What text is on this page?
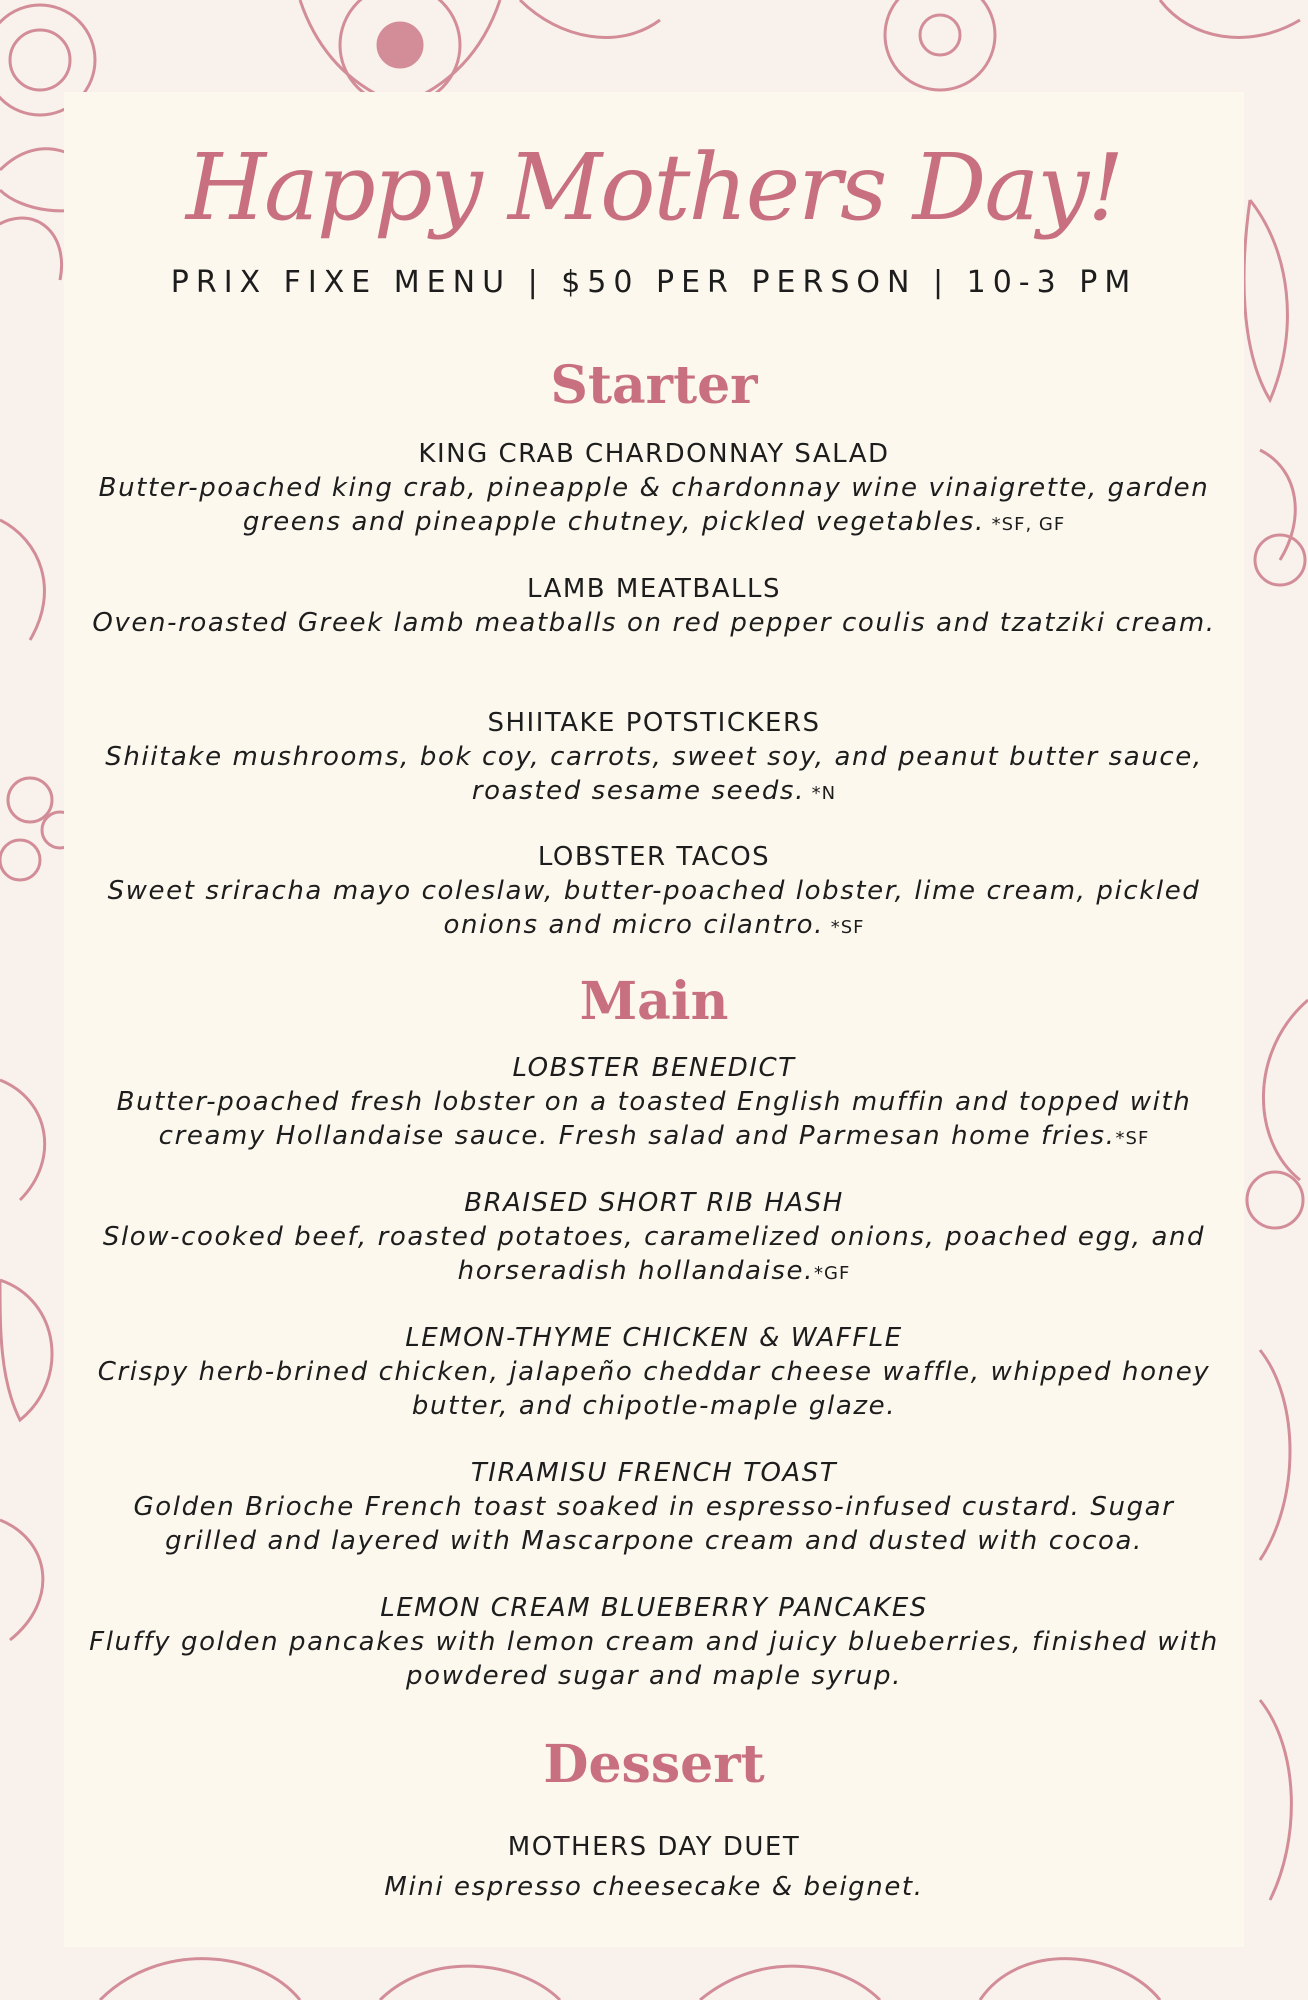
Happy Mothers Day!
PRIX FIXE MENU | $50 PER PERSON | 10-3 PM
Starter
KING CRAB CHARDONNAY SALAD
Butter-poached king crab, pineapple & chardonnay wine vinaigrette, garden greens and pineapple chutney, pickled vegetables. *SF, GF
LAMB MEATBALLS
Oven-roasted Greek lamb meatballs on red pepper coulis and tzatziki cream.
SHIITAKE POTSTICKERS
Shiitake mushrooms, bok coy, carrots, sweet soy, and peanut butter sauce, roasted sesame seeds. *N
LOBSTER TACOS
Sweet sriracha mayo coleslaw, butter-poached lobster, lime cream, pickled onions and micro cilantro. *SF
Main
LOBSTER BENEDICT
Butter-poached fresh lobster on a toasted English muffin and topped with creamy Hollandaise sauce. Fresh salad and Parmesan home fries.*SF
BRAISED SHORT RIB HASH
Slow-cooked beef, roasted potatoes, caramelized onions, poached egg, and horseradish hollandaise.*GF
LEMON-THYME CHICKEN & WAFFLE
Crispy herb-brined chicken, jalapeño cheddar cheese waffle, whipped honey butter, and chipotle-maple glaze.
TIRAMISU FRENCH TOAST
Golden Brioche French toast soaked in espresso-infused custard. Sugar grilled and layered with Mascarpone cream and dusted with cocoa.
LEMON CREAM BLUEBERRY PANCAKES
Fluffy golden pancakes with lemon cream and juicy blueberries, finished with powdered sugar and maple syrup.
Dessert
MOTHERS DAY DUET
Mini espresso cheesecake & beignet.
